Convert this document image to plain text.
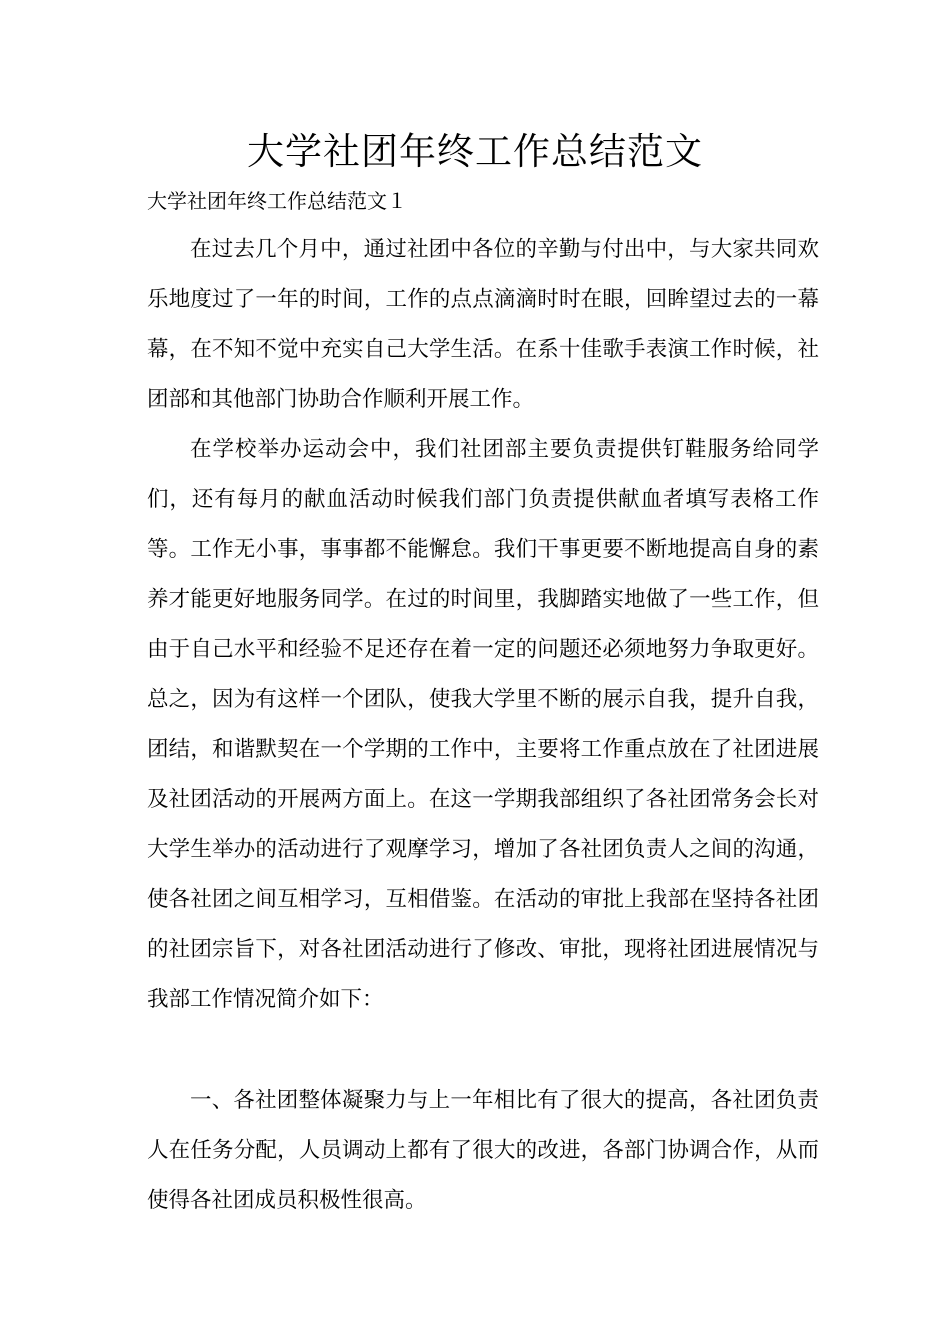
大学社团年终工作总结范文

大学社团年终工作总结范文１

在过去几个月中，通过社团中各位的辛勤与付出中，与大家共同欢乐地度过了一年的时间，工作的点点滴滴时时在眼，回眸望过去的一幕幕，在不知不觉中充实自己大学生活。在系十佳歌手表演工作时候，社团部和其他部门协助合作顺利开展工作。

在学校举办运动会中，我们社团部主要负责提供钉鞋服务给同学们，还有每月的献血活动时候我们部门负责提供献血者填写表格工作等。工作无小事，事事都不能懈怠。我们干事更要不断地提高自身的素养才能更好地服务同学。在过的时间里，我脚踏实地做了一些工作，但由于自己水平和经验不足还存在着一定的问题还必须地努力争取更好。总之，因为有这样一个团队，使我大学里不断的展示自我，提升自我，团结，和谐默契在一个学期的工作中，主要将工作重点放在了社团进展及社团活动的开展两方面上。在这一学期我部组织了各社团常务会长对大学生举办的活动进行了观摩学习，增加了各社团负责人之间的沟通，使各社团之间互相学习，互相借鉴。在活动的审批上我部在坚持各社团的社团宗旨下，对各社团活动进行了修改、审批，现将社团进展情况与我部工作情况简介如下：

一、各社团整体凝聚力与上一年相比有了很大的提高，各社团负责人在任务分配，人员调动上都有了很大的改进，各部门协调合作，从而使得各社团成员积极性很高。
